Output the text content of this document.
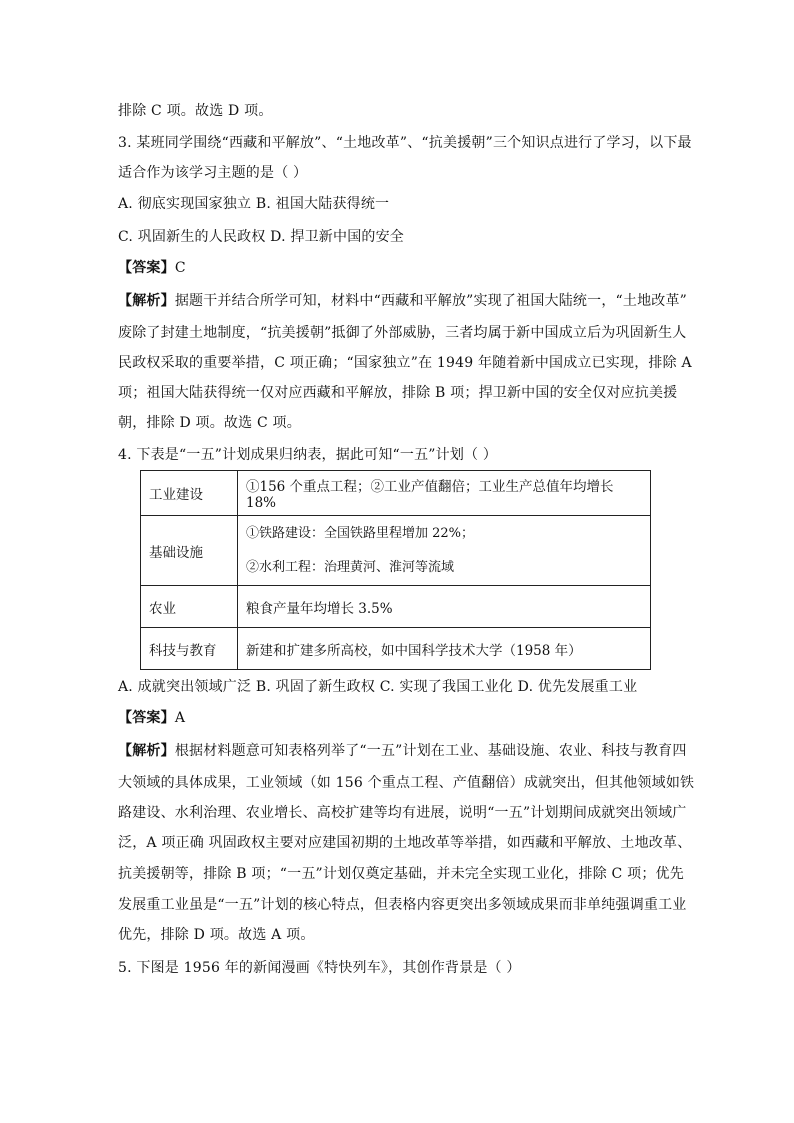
排除 C 项。故选 D 项。
3. 某班同学围绕“西藏和平解放”、“土地改革”、“抗美援朝”三个知识点进行了学习，以下最
适合作为该学习主题的是（ ）
A. 彻底实现国家独立 B. 祖国大陆获得统一
C. 巩固新生的人民政权 D. 捍卫新中国的安全
【答案】C
【解析】据题干并结合所学可知，材料中“西藏和平解放”实现了祖国大陆统一，“土地改革”
废除了封建土地制度，“抗美援朝”抵御了外部威胁，三者均属于新中国成立后为巩固新生人
民政权采取的重要举措，C 项正确；“国家独立”在 1949 年随着新中国成立已实现，排除 A
项；祖国大陆获得统一仅对应西藏和平解放，排除 B 项；捍卫新中国的安全仅对应抗美援
朝，排除 D 项。故选 C 项。
4. 下表是“一五”计划成果归纳表，据此可知“一五”计划（ ）
工业建设	①156 个重点工程；②工业产值翻倍；工业生产总值年均增长 18%
基础设施	①铁路建设：全国铁路里程增加 22%；
②水利工程：治理黄河、淮河等流域

农业	粮食产量年均增长 3.5%
科技与教育	新建和扩建多所高校，如中国科学技术大学（1958 年）
A. 成就突出领域广泛 B. 巩固了新生政权 C. 实现了我国工业化 D. 优先发展重工业
【答案】A
【解析】根据材料题意可知表格列举了“一五”计划在工业、基础设施、农业、科技与教育四
大领域的具体成果，工业领域（如 156 个重点工程、产值翻倍）成就突出，但其他领域如铁
路建设、水利治理、农业增长、高校扩建等均有进展，说明“一五”计划期间成就突出领域广
泛，A 项正确 巩固政权主要对应建国初期的土地改革等举措，如西藏和平解放、土地改革、
抗美援朝等，排除 B 项；“一五”计划仅奠定基础，并未完全实现工业化，排除 C 项；优先
发展重工业虽是“一五”计划的核心特点，但表格内容更突出多领域成果而非单纯强调重工业
优先，排除 D 项。故选 A 项。
5. 下图是 1956 年的新闻漫画《特快列车》，其创作背景是（ ）
